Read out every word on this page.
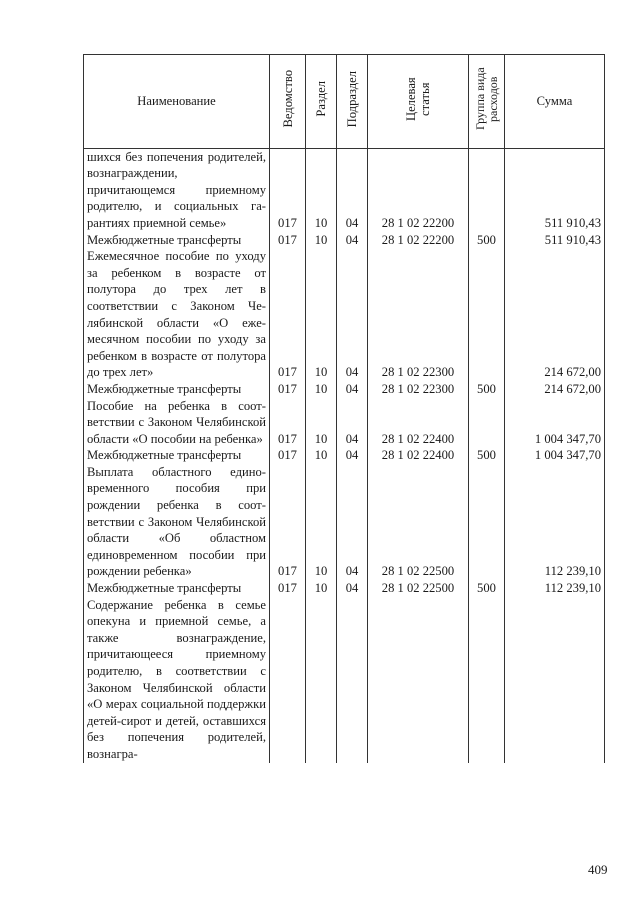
Наименование	Ведомство	Раздел	Подраздел	Целевая статья	Группа вида расходов	Сумма
шихся без попечения родителей, вознаграждении, причитающемся приемному родителю, и социальных гарантиях приемной семье»	017	10	04	28 1 02 22200		511 910,43
Межбюджетные трансферты	017	10	04	28 1 02 22200	500	511 910,43
Ежемесячное пособие по уходу за ребенком в возрасте от полутора до трех лет в соответствии с Законом Челябинской области «О ежемесячном пособии по уходу за ребенком в возрасте от полутора до трех лет»	017	10	04	28 1 02 22300		214 672,00
Межбюджетные трансферты	017	10	04	28 1 02 22300	500	214 672,00
Пособие на ребенка в соответствии с Законом Челябинской области «О пособии на ребенка»	017	10	04	28 1 02 22400		1 004 347,70
Межбюджетные трансферты	017	10	04	28 1 02 22400	500	1 004 347,70
Выплата областного единовременного пособия при рождении ребенка в соответствии с Законом Челябинской области «Об областном единовременном пособии при рождении ребенка»	017	10	04	28 1 02 22500		112 239,10
Межбюджетные трансферты	017	10	04	28 1 02 22500	500	112 239,10
Содержание ребенка в семье опекуна и приемной семье, а также вознаграждение, причитающееся приемному родителю, в соответствии с Законом Челябинской области «О мерах социальной поддержки детей-сирот и детей, оставшихся без попечения родителей, вознагра-						
409
